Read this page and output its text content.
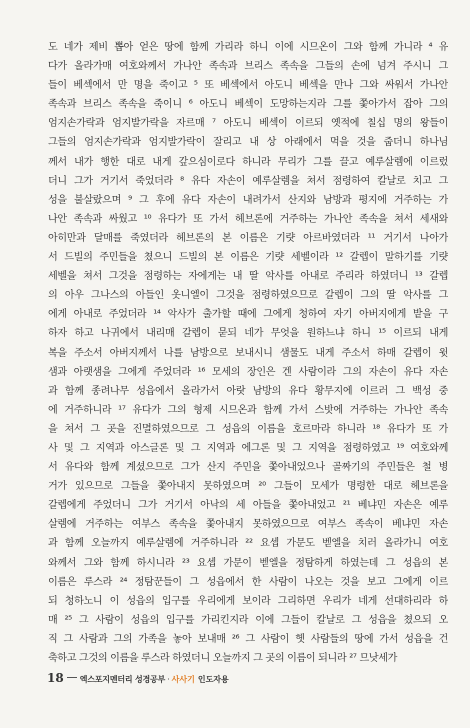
도 네가 제비 뽑아 얻은 땅에 함께 가리라 하니 이에 시므온이 그와 함께 가니라 ⁴ 유
다가 올라가매 여호와께서 가나안 족속과 브리스 족속을 그들의 손에 넘겨 주시니 그
들이 베섹에서 만 명을 죽이고 ⁵ 또 베섹에서 아도니 베섹을 만나 그와 싸워서 가나안
족속과 브리스 족속을 죽이니 ⁶ 아도니 베섹이 도망하는지라 그를 쫓아가서 잡아 그의
엄지손가락과 엄지발가락을 자르매 ⁷ 아도니 베섹이 이르되 옛적에 칠십 명의 왕들이
그들의 엄지손가락과 엄지발가락이 잘리고 내 상 아래에서 먹을 것을 줍더니 하나님
께서 내가 행한 대로 내게 갚으심이로다 하니라 무리가 그를 끌고 예루살렘에 이르렀
더니 그가 거기서 죽었더라 ⁸ 유다 자손이 예루살렘을 쳐서 점령하여 칼날로 치고 그
성을 불살랐으며 ⁹ 그 후에 유다 자손이 내려가서 산지와 남방과 평지에 거주하는 가
나안 족속과 싸웠고 ¹⁰ 유다가 또 가서 헤브론에 거주하는 가나안 족속을 쳐서 세새와
아히만과 달매를 죽였더라 헤브론의 본 이름은 기럇 아르바였더라 ¹¹ 거기서 나아가
서 드빌의 주민들을 쳤으니 드빌의 본 이름은 기럇 세벨이라 ¹² 갈렙이 말하기를 기럇
세벨을 쳐서 그것을 점령하는 자에게는 내 딸 악사를 아내로 주리라 하였더니 ¹³ 갈렙
의 아우 그나스의 아들인 옷니엘이 그것을 점령하였으므로 갈렙이 그의 딸 악사를 그
에게 아내로 주었더라 ¹⁴ 악사가 출가할 때에 그에게 청하여 자기 아버지에게 밭을 구
하자 하고 나귀에서 내리매 갈렙이 묻되 네가 무엇을 원하느냐 하니 ¹⁵ 이르되 내게
복을 주소서 아버지께서 나를 남방으로 보내시니 샘물도 내게 주소서 하매 갈렙이 윗
샘과 아랫샘을 그에게 주었더라 ¹⁶ 모세의 장인은 겐 사람이라 그의 자손이 유다 자손
과 함께 종려나무 성읍에서 올라가서 아랏 남방의 유다 황무지에 이르러 그 백성 중
에 거주하니라 ¹⁷ 유다가 그의 형제 시므온과 함께 가서 스밧에 거주하는 가나안 족속
을 쳐서 그 곳을 진멸하였으므로 그 성읍의 이름을 호르마라 하니라 ¹⁸ 유다가 또 가
사 및 그 지역과 아스글론 및 그 지역과 에그론 및 그 지역을 점령하였고 ¹⁹ 여호와께
서 유다와 함께 계셨으므로 그가 산지 주민을 쫓아내었으나 골짜기의 주민들은 철 병
거가 있으므로 그들을 쫓아내지 못하였으며 ²⁰ 그들이 모세가 명령한 대로 헤브론을
갈렙에게 주었더니 그가 거기서 아낙의 세 아들을 쫓아내었고 ²¹ 베냐민 자손은 예루
살렘에 거주하는 여부스 족속을 쫓아내지 못하였으므로 여부스 족속이 베냐민 자손
과 함께 오늘까지 예루살렘에 거주하니라 ²² 요셉 가문도 벧엘을 치러 올라가니 여호
와께서 그와 함께 하시니라 ²³ 요셉 가문이 벧엘을 정탐하게 하였는데 그 성읍의 본
이름은 루스라 ²⁴ 정탐꾼들이 그 성읍에서 한 사람이 나오는 것을 보고 그에게 이르
되 청하노니 이 성읍의 입구를 우리에게 보이라 그리하면 우리가 네게 선대하리라 하
매 ²⁵ 그 사람이 성읍의 입구를 가리킨지라 이에 그들이 칼날로 그 성읍을 쳤으되 오
직 그 사람과 그의 가족을 놓아 보내매 ²⁶ 그 사람이 헷 사람들의 땅에 가서 성읍을 건
축하고 그것의 이름을 루스라 하였더니 오늘까지 그 곳의 이름이 되니라 ²⁷ 므낫세가
18 엑스포지멘터리 성경공부 · 사사기 인도자용
